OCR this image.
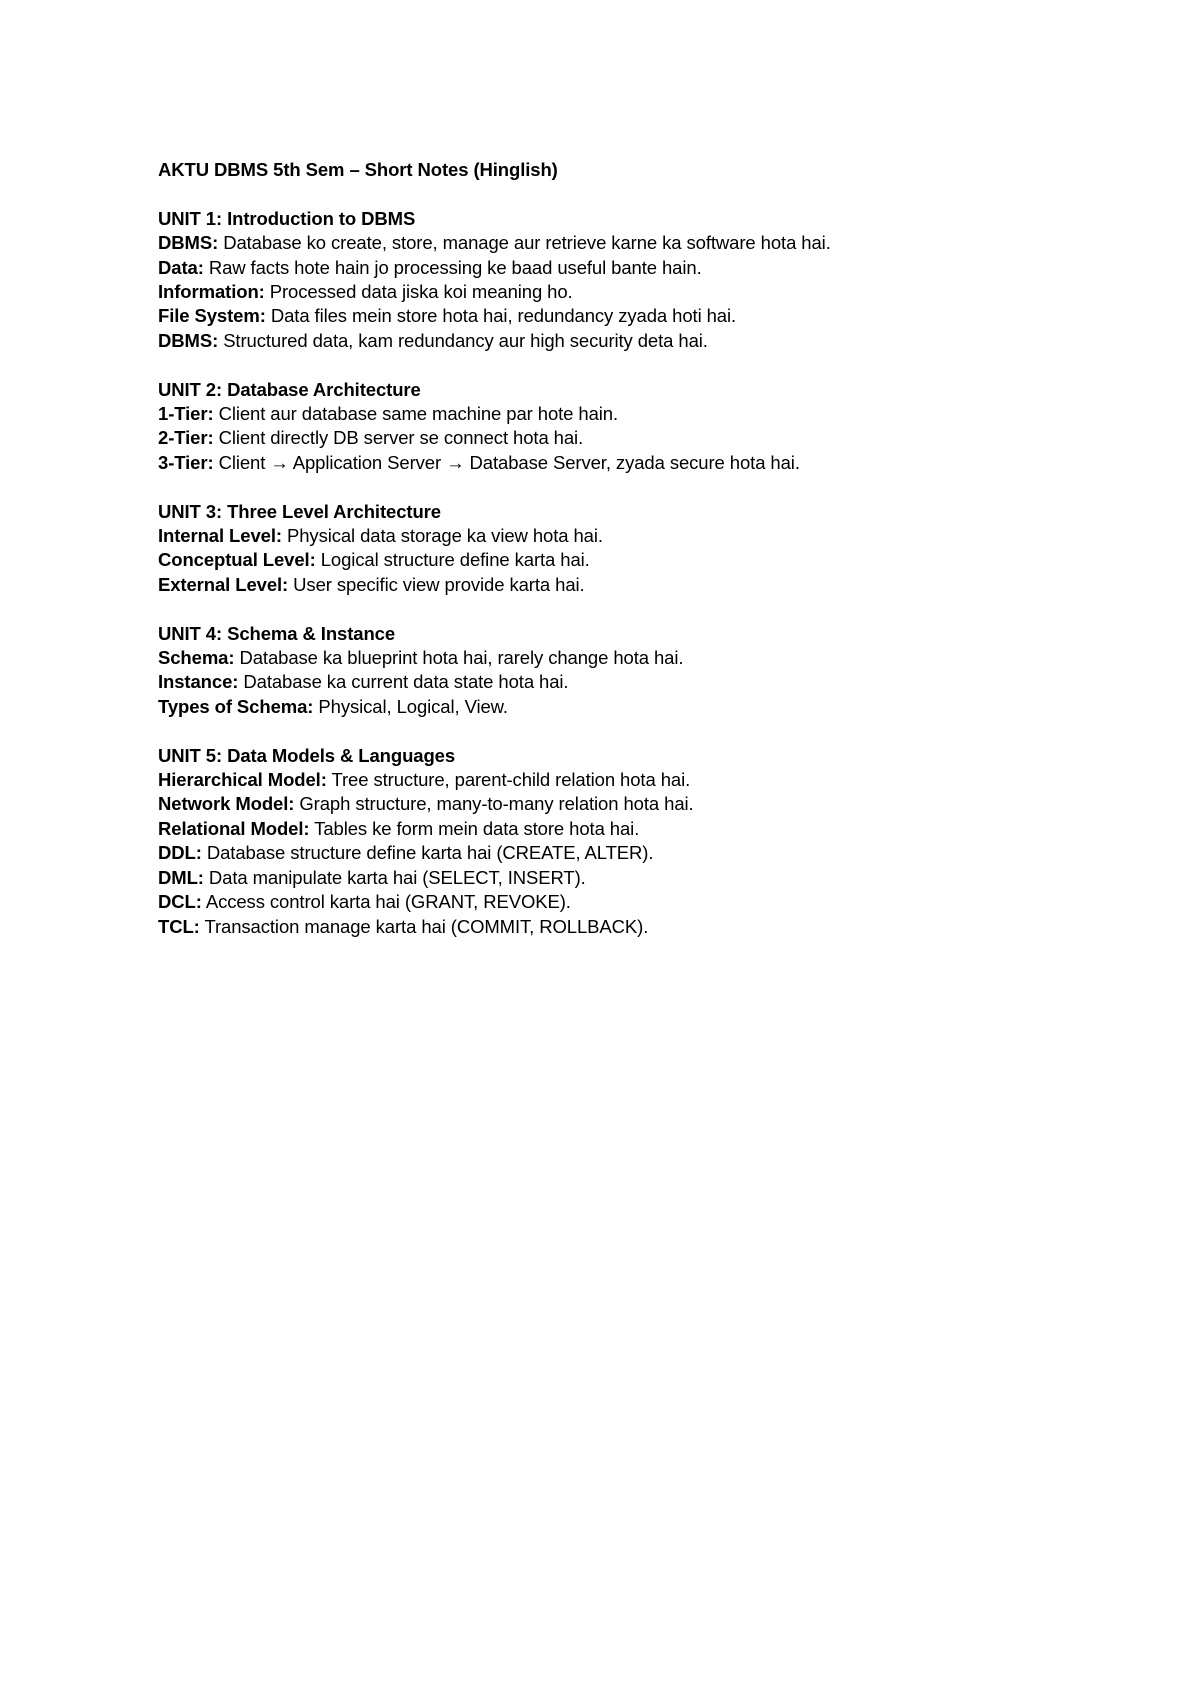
AKTU DBMS 5th Sem – Short Notes (Hinglish)
UNIT 1: Introduction to DBMS
DBMS: Database ko create, store, manage aur retrieve karne ka software hota hai.
Data: Raw facts hote hain jo processing ke baad useful bante hain.
Information: Processed data jiska koi meaning ho.
File System: Data files mein store hota hai, redundancy zyada hoti hai.
DBMS: Structured data, kam redundancy aur high security deta hai.
UNIT 2: Database Architecture
1-Tier: Client aur database same machine par hote hain.
2-Tier: Client directly DB server se connect hota hai.
3-Tier: Client → Application Server → Database Server, zyada secure hota hai.
UNIT 3: Three Level Architecture
Internal Level: Physical data storage ka view hota hai.
Conceptual Level: Logical structure define karta hai.
External Level: User specific view provide karta hai.
UNIT 4: Schema & Instance
Schema: Database ka blueprint hota hai, rarely change hota hai.
Instance: Database ka current data state hota hai.
Types of Schema: Physical, Logical, View.
UNIT 5: Data Models & Languages
Hierarchical Model: Tree structure, parent-child relation hota hai.
Network Model: Graph structure, many-to-many relation hota hai.
Relational Model: Tables ke form mein data store hota hai.
DDL: Database structure define karta hai (CREATE, ALTER).
DML: Data manipulate karta hai (SELECT, INSERT).
DCL: Access control karta hai (GRANT, REVOKE).
TCL: Transaction manage karta hai (COMMIT, ROLLBACK).
